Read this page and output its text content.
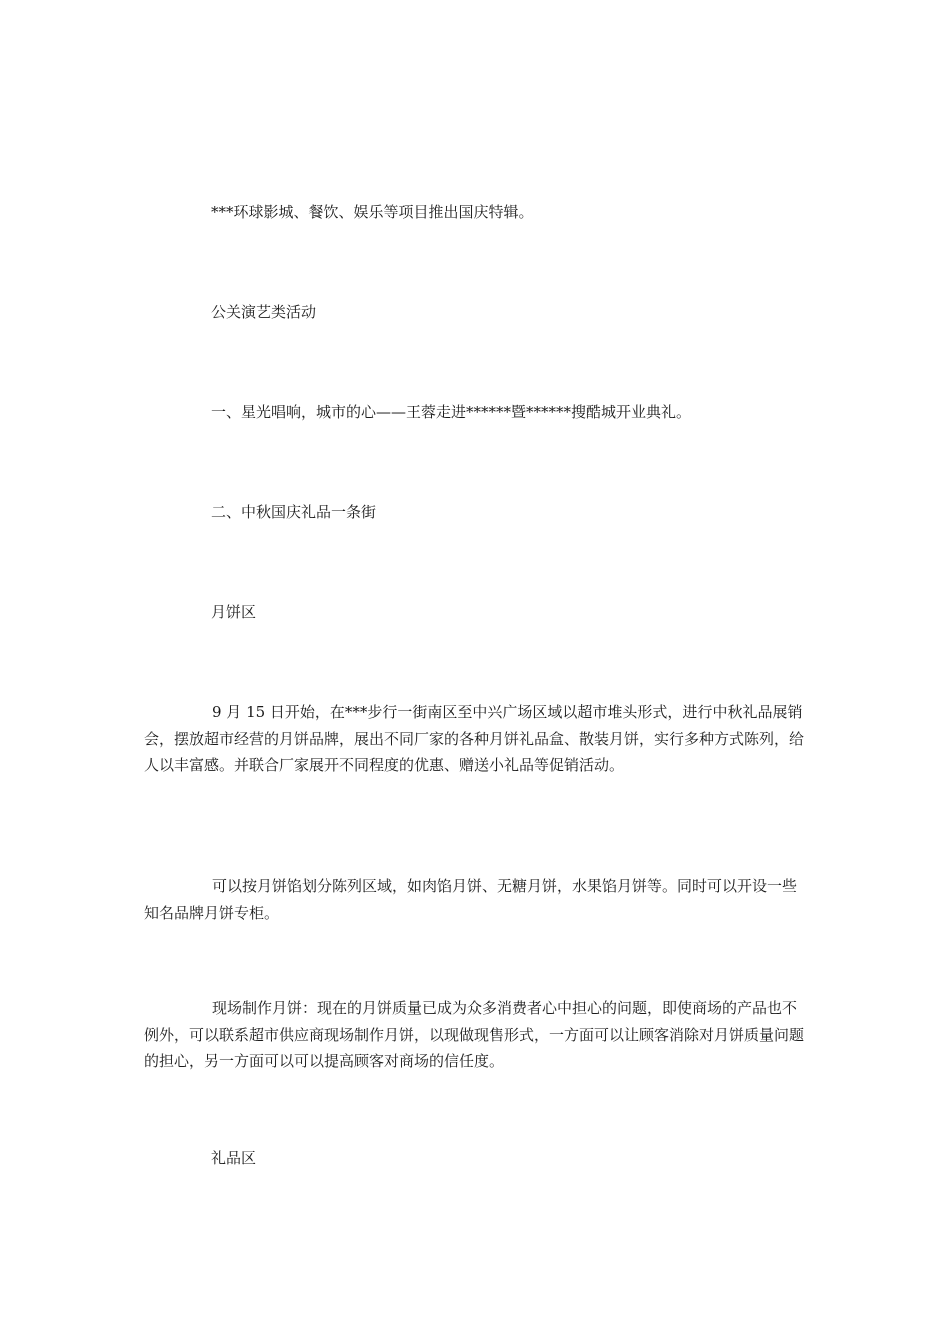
***环球影城、餐饮、娱乐等项目推出国庆特辑。

公关演艺类活动

一、星光唱响，城市的心——王蓉走进******暨******搜酷城开业典礼。

二、中秋国庆礼品一条街

月饼区

9 月 15 日开始，在***步行一街南区至中兴广场区域以超市堆头形式，进行中秋礼品展销会，摆放超市经营的月饼品牌，展出不同厂家的各种月饼礼品盒、散装月饼，实行多种方式陈列，给人以丰富感。并联合厂家展开不同程度的优惠、赠送小礼品等促销活动。

可以按月饼馅划分陈列区域，如肉馅月饼、无糖月饼，水果馅月饼等。同时可以开设一些知名品牌月饼专柜。

现场制作月饼：现在的月饼质量已成为众多消费者心中担心的问题，即使商场的产品也不例外，可以联系超市供应商现场制作月饼，以现做现售形式，一方面可以让顾客消除对月饼质量问题的担心，另一方面可以可以提高顾客对商场的信任度。

礼品区
